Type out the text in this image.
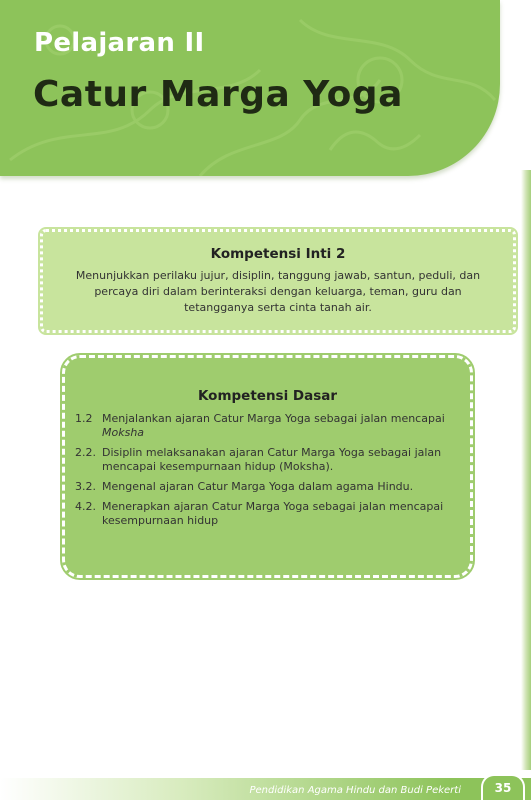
Pelajaran II
Catur Marga Yoga
Kompetensi Inti 2

Menunjukkan perilaku jujur, disiplin, tanggung jawab, santun, peduli, dan percaya diri dalam berinteraksi dengan keluarga, teman, guru dan tetangganya serta cinta tanah air.

Kompetensi Dasar
1.2 Menjalankan ajaran Catur Marga Yoga sebagai jalan mencapai Moksha
2.2. Disiplin melaksanakan ajaran Catur Marga Yoga sebagai jalan mencapai kesempurnaan hidup (Moksha).
3.2. Mengenal ajaran Catur Marga Yoga dalam agama Hindu.
4.2. Menerapkan ajaran Catur Marga Yoga sebagai jalan mencapai kesempurnaan hidup
Pendidikan Agama Hindu dan Budi Pekerti	35
